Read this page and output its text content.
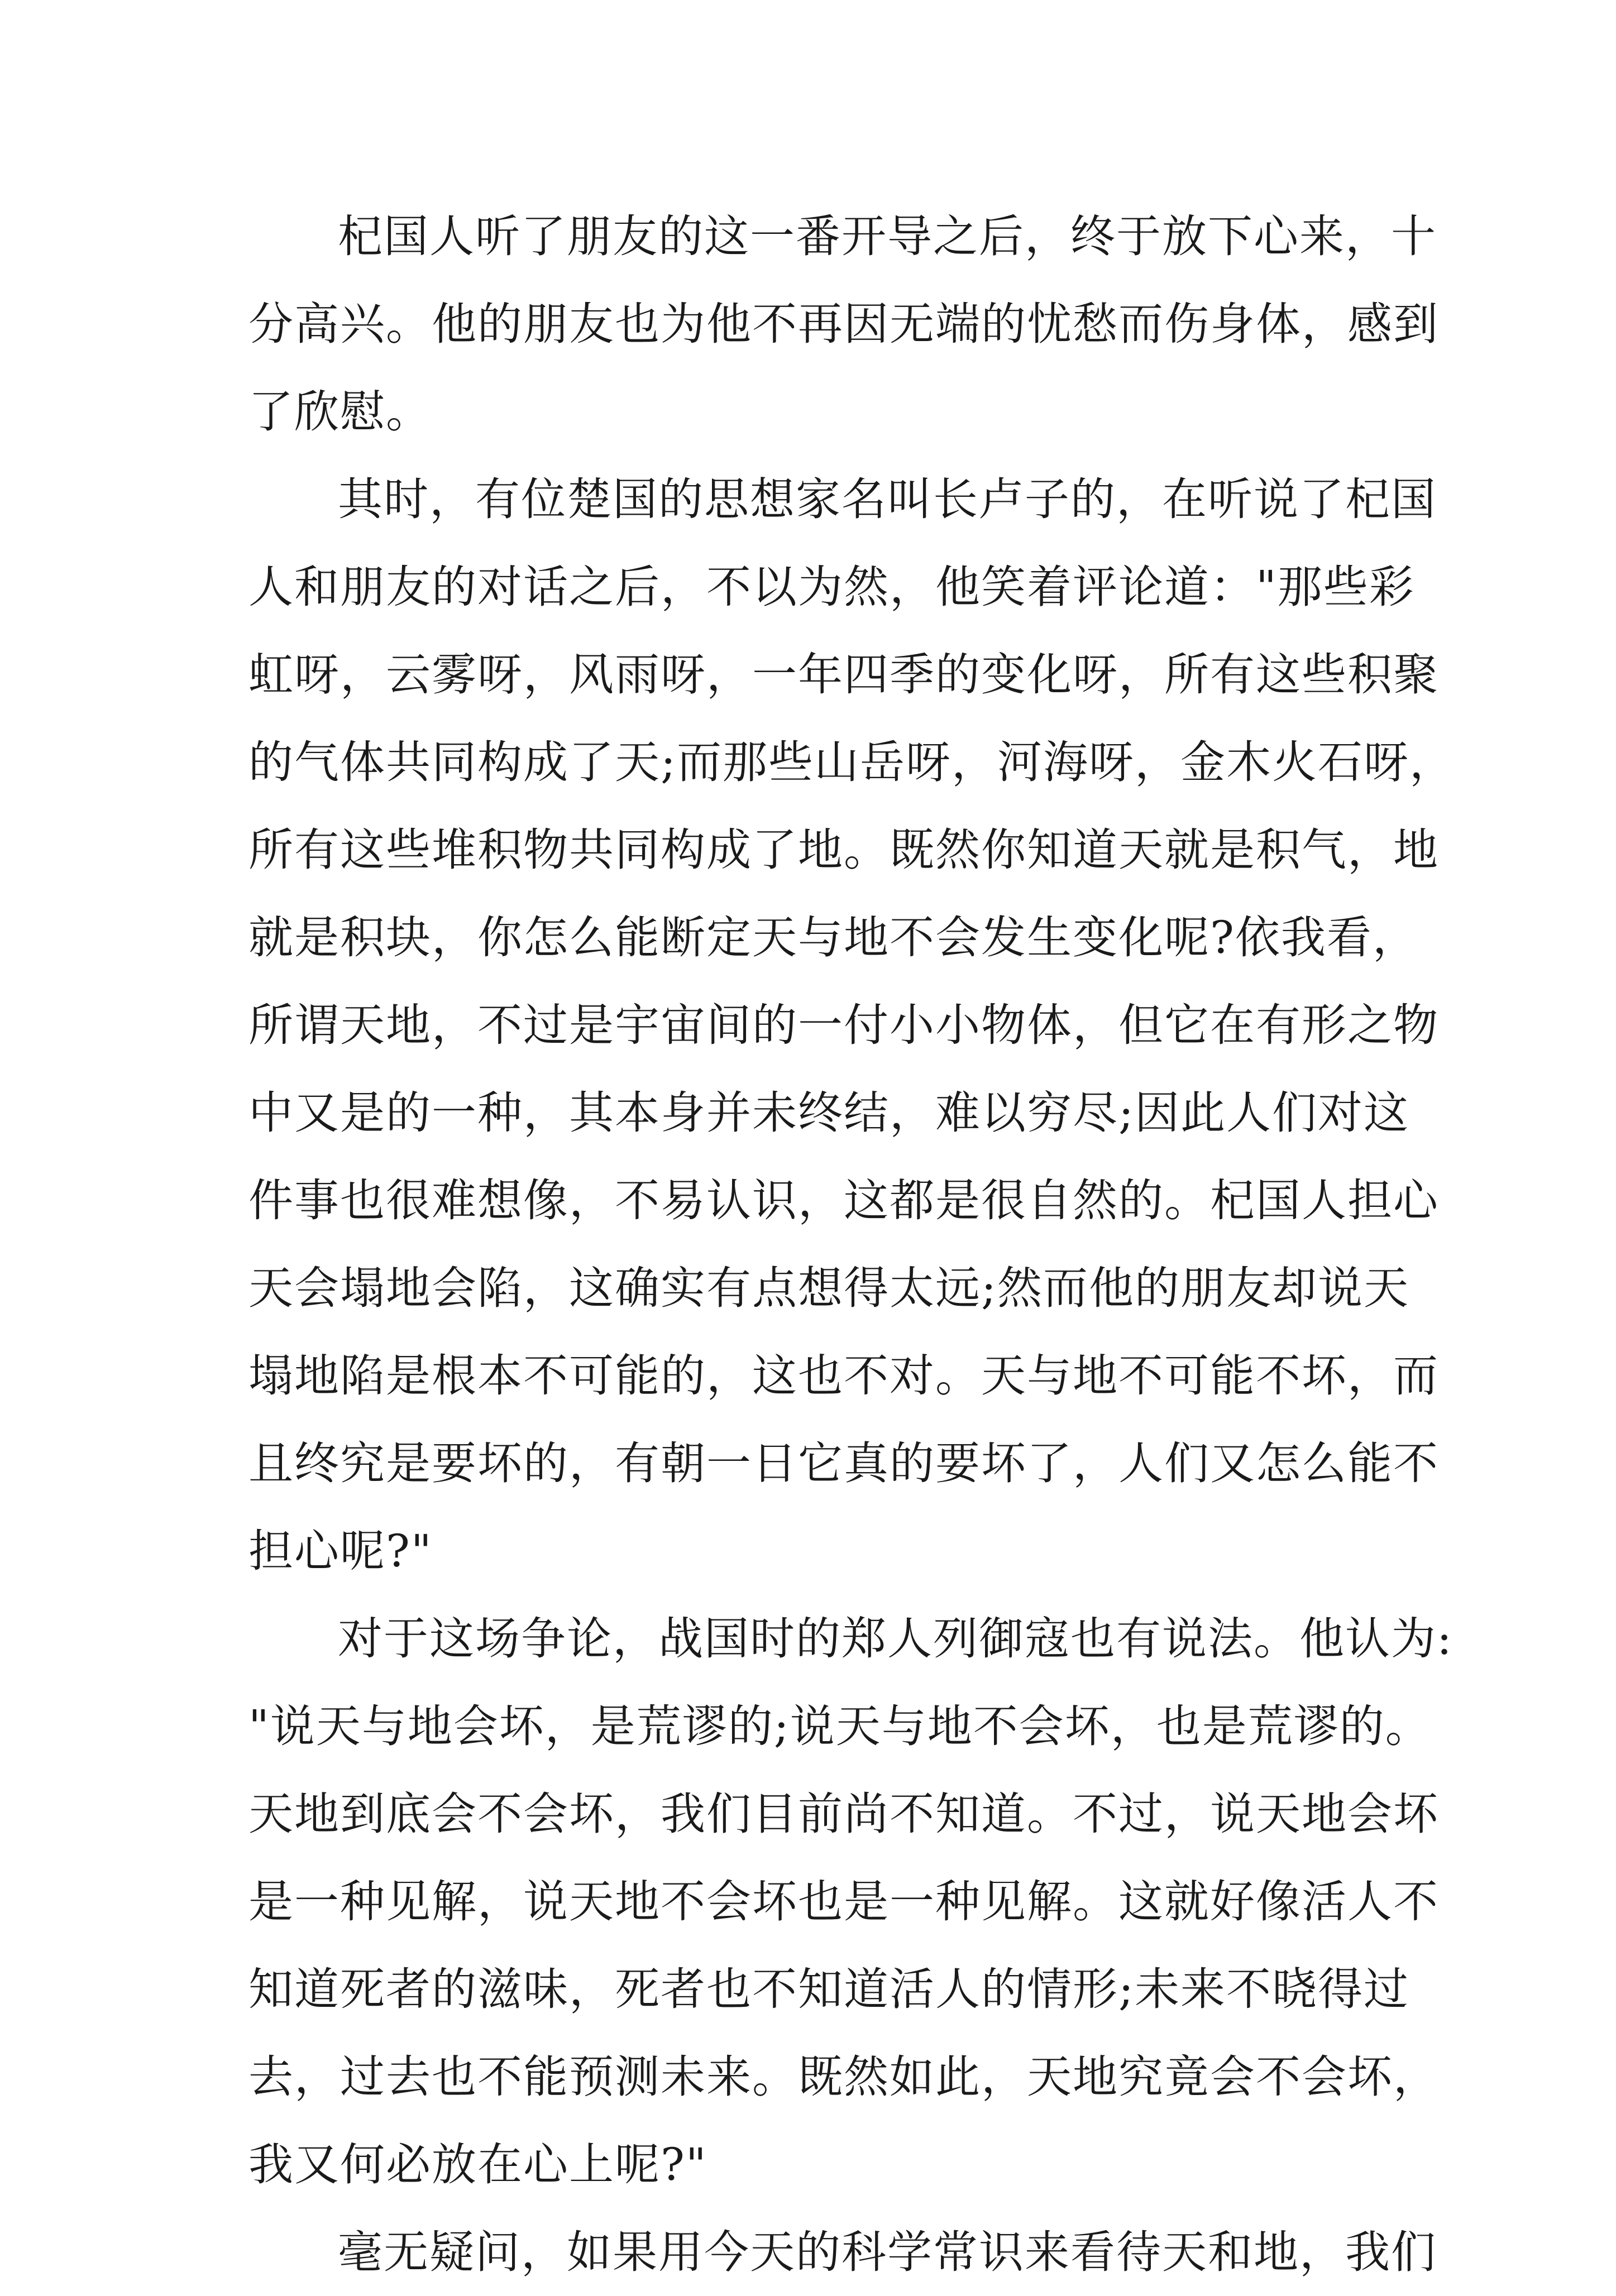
杞国人听了朋友的这一番开导之后，终于放下心来，十
分高兴。他的朋友也为他不再因无端的忧愁而伤身体，感到
了欣慰。
其时，有位楚国的思想家名叫长卢子的，在听说了杞国
人和朋友的对话之后，不以为然，他笑着评论道："那些彩
虹呀，云雾呀，风雨呀，一年四季的变化呀，所有这些积聚
的气体共同构成了天;而那些山岳呀，河海呀，金木火石呀，
所有这些堆积物共同构成了地。既然你知道天就是积气，地
就是积块，你怎么能断定天与地不会发生变化呢?依我看，
所谓天地，不过是宇宙间的一付小小物体，但它在有形之物
中又是的一种，其本身并未终结，难以穷尽;因此人们对这
件事也很难想像，不易认识，这都是很自然的。杞国人担心
天会塌地会陷，这确实有点想得太远;然而他的朋友却说天
塌地陷是根本不可能的，这也不对。天与地不可能不坏，而
且终究是要坏的，有朝一日它真的要坏了，人们又怎么能不
担心呢?"
对于这场争论，战国时的郑人列御寇也有说法。他认为:
"说天与地会坏，是荒谬的;说天与地不会坏，也是荒谬的。
天地到底会不会坏，我们目前尚不知道。不过，说天地会坏
是一种见解，说天地不会坏也是一种见解。这就好像活人不
知道死者的滋味，死者也不知道活人的情形;未来不晓得过
去，过去也不能预测未来。既然如此，天地究竟会不会坏，
我又何必放在心上呢?"
毫无疑问，如果用今天的科学常识来看待天和地，我们
